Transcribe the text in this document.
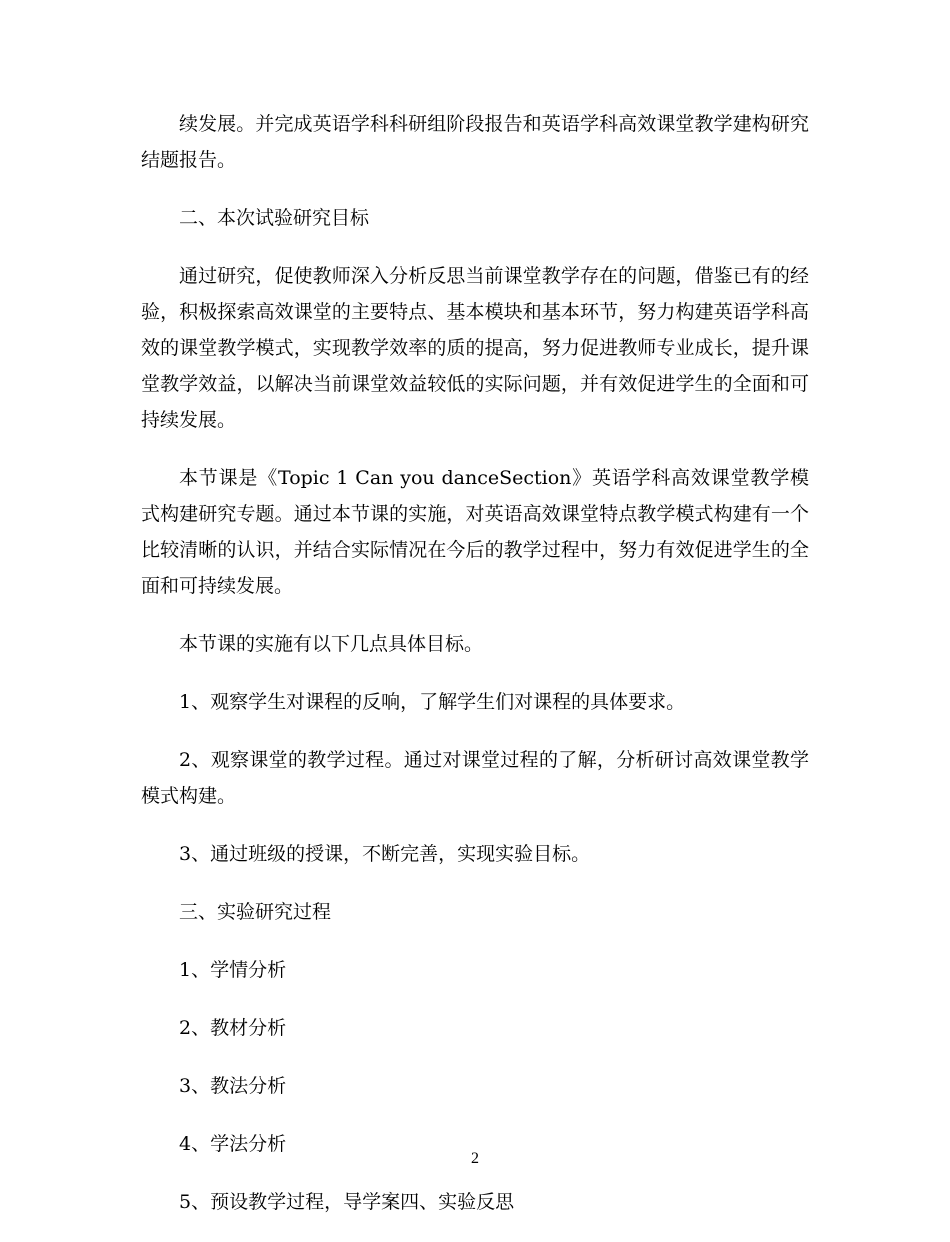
续发展。并完成英语学科科研组阶段报告和英语学科高效课堂教学建构研究结题报告。

二、本次试验研究目标

通过研究，促使教师深入分析反思当前课堂教学存在的问题，借鉴已有的经验，积极探索高效课堂的主要特点、基本模块和基本环节，努力构建英语学科高效的课堂教学模式，实现教学效率的质的提高，努力促进教师专业成长，提升课堂教学效益，以解决当前课堂效益较低的实际问题，并有效促进学生的全面和可持续发展。

本节课是《Topic 1 Can you danceSection》英语学科高效课堂教学模式构建研究专题。通过本节课的实施，对英语高效课堂特点教学模式构建有一个比较清晰的认识，并结合实际情况在今后的教学过程中，努力有效促进学生的全面和可持续发展。

本节课的实施有以下几点具体目标。

1、观察学生对课程的反响，了解学生们对课程的具体要求。

2、观察课堂的教学过程。通过对课堂过程的了解，分析研讨高效课堂教学模式构建。

3、通过班级的授课，不断完善，实现实验目标。

三、实验研究过程

1、学情分析

2、教材分析

3、教法分析

4、学法分析

5、预设教学过程，导学案四、实验反思

2
